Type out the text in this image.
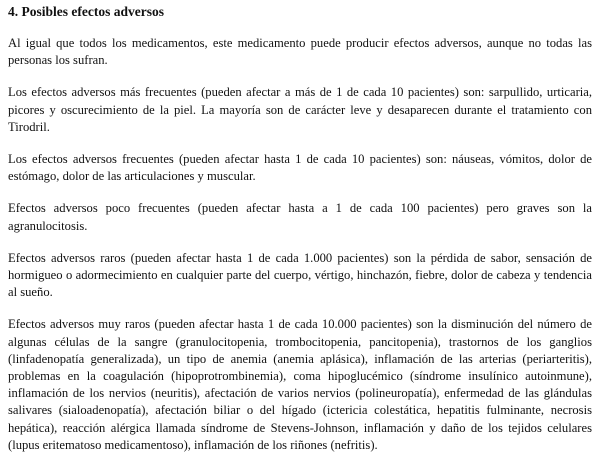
4. Posibles efectos adversos

Al igual que todos los medicamentos, este medicamento puede producir efectos adversos, aunque no todas las personas los sufran.

Los efectos adversos más frecuentes (pueden afectar a más de 1 de cada 10 pacientes) son: sarpullido, urticaria, picores y oscurecimiento de la piel. La mayoría son de carácter leve y desaparecen durante el tratamiento con Tirodril.

Los efectos adversos frecuentes (pueden afectar hasta 1 de cada 10 pacientes) son: náuseas, vómitos, dolor de estómago, dolor de las articulaciones y muscular.

Efectos adversos poco frecuentes (pueden afectar hasta a 1 de cada 100 pacientes) pero graves son la agranulocitosis.

Efectos adversos raros (pueden afectar hasta 1 de cada 1.000 pacientes) son la pérdida de sabor, sensación de hormigueo o adormecimiento en cualquier parte del cuerpo, vértigo, hinchazón, fiebre, dolor de cabeza y tendencia al sueño.

Efectos adversos muy raros (pueden afectar hasta 1 de cada 10.000 pacientes) son la disminución del número de algunas células de la sangre (granulocitopenia, trombocitopenia, pancitopenia), trastornos de los ganglios (linfadenopatía generalizada), un tipo de anemia (anemia aplásica), inflamación de las arterias (periarteritis), problemas en la coagulación (hipoprotrombinemia), coma hipoglucémico (síndrome insulínico autoinmune), inflamación de los nervios (neuritis), afectación de varios nervios (polineuropatía), enfermedad de las glándulas salivares (sialoadenopatía), afectación biliar o del hígado (ictericia colestática, hepatitis fulminante, necrosis hepática), reacción alérgica llamada síndrome de Stevens-Johnson, inflamación y daño de los tejidos celulares (lupus eritematoso medicamentoso), inflamación de los riñones (nefritis).
